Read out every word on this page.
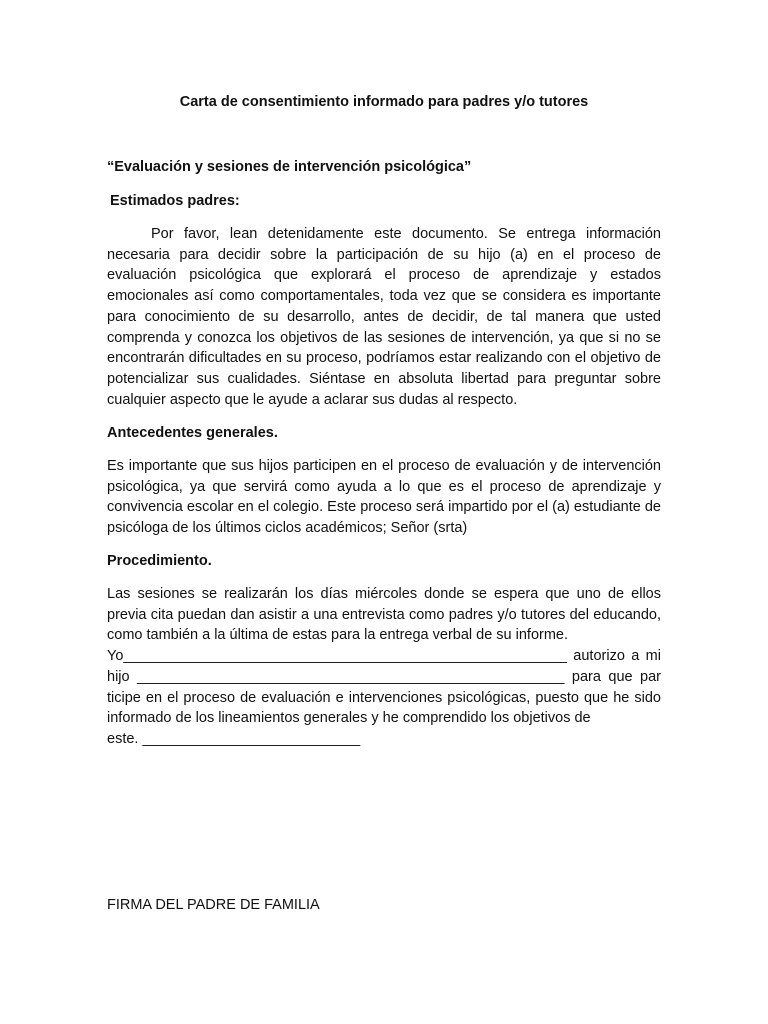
Carta de consentimiento informado para padres y/o tutores
“Evaluación y sesiones de intervención psicológica”
Estimados padres:

Por favor, lean detenidamente este documento. Se entrega información necesaria para decidir sobre la participación de su hijo (a) en el proceso de evaluación psicológica que explorará el proceso de aprendizaje y estados emocionales así como comportamentales, toda vez que se considera es importante para conocimiento de su desarrollo, antes de decidir, de tal manera que usted comprenda y conozca los objetivos de las sesiones de intervención, ya que si no se encontrarán dificultades en su proceso, podríamos estar realizando con el objetivo de potencializar sus cualidades. Siéntase en absoluta libertad para preguntar sobre cualquier aspecto que le ayude a aclarar sus dudas al respecto.

Antecedentes generales.

Es importante que sus hijos participen en el proceso de evaluación y de intervención psicológica, ya que servirá como ayuda a lo que es el proceso de aprendizaje y convivencia escolar en el colegio. Este proceso será impartido por el (a) estudiante de psicóloga de los últimos ciclos académicos; Señor (srta)

Procedimiento.

Las sesiones se realizarán los días miércoles donde se espera que uno de ellos previa cita puedan dan asistir a una entrevista como padres y/o tutores del educando, como también a la última de estas para la entrega verbal de su informe.

Yo_______________________________________________________ autorizo a mi
hijo _____________________________________________________ para que par

ticipe en el proceso de evaluación e intervenciones psicológicas, puesto que he sido informado de los lineamientos generales y he comprendido los objetivos de

este. ___________________________
FIRMA DEL PADRE DE FAMILIA
